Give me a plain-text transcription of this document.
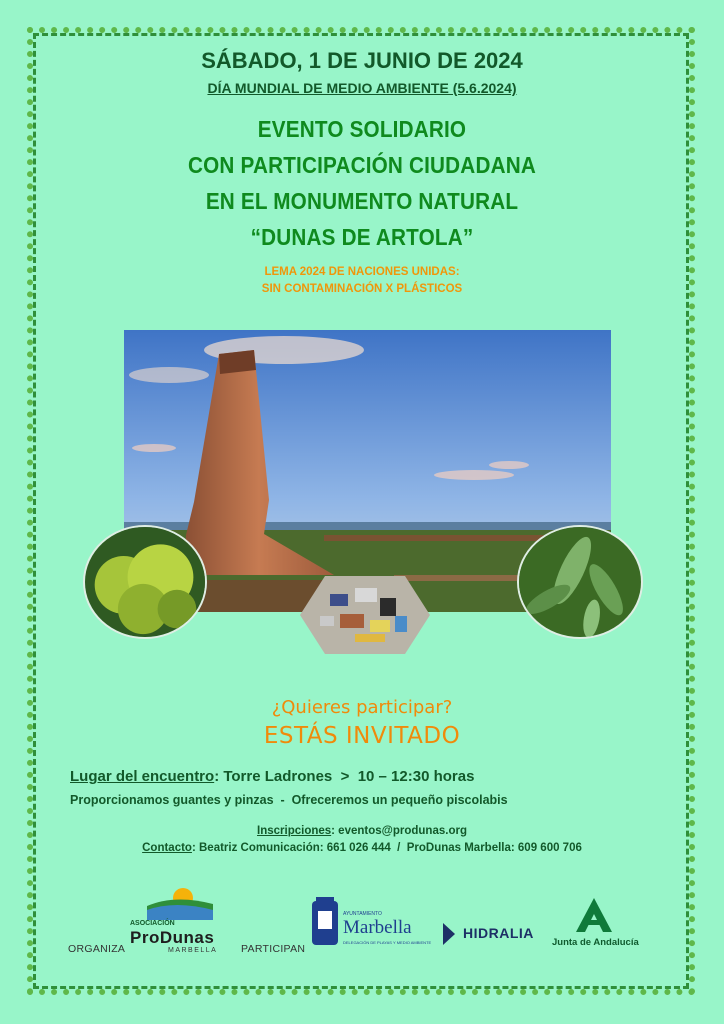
SÁBADO, 1 DE JUNIO DE 2024
DÍA MUNDIAL DE MEDIO AMBIENTE (5.6.2024)
EVENTO SOLIDARIO
CON PARTICIPACIÓN CIUDADANA
EN EL MONUMENTO NATURAL
“DUNAS DE ARTOLA”
LEMA 2024 DE NACIONES UNIDAS:
SIN CONTAMINACIÓN X PLÁSTICOS
¿Quieres participar?
ESTÁS INVITADO
Lugar del encuentro: Torre Ladrones  >  10 – 12:30 horas
Proporcionamos guantes y pinzas  -  Ofreceremos un pequeño piscolabis
Inscripciones: eventos@produnas.org
Contacto: Beatriz Comunicación: 661 026 444  /  ProDunas Marbella: 609 600 706
ORGANIZA
ASOCIACIÓN
ProDunas
MARBELLA PARTICIPAN
AYUNTAMIENTO
Marbella
DELEGACIÓN DE PLAYAS Y MEDIO AMBIENTE
HIDRALIA
Junta de Andalucía
